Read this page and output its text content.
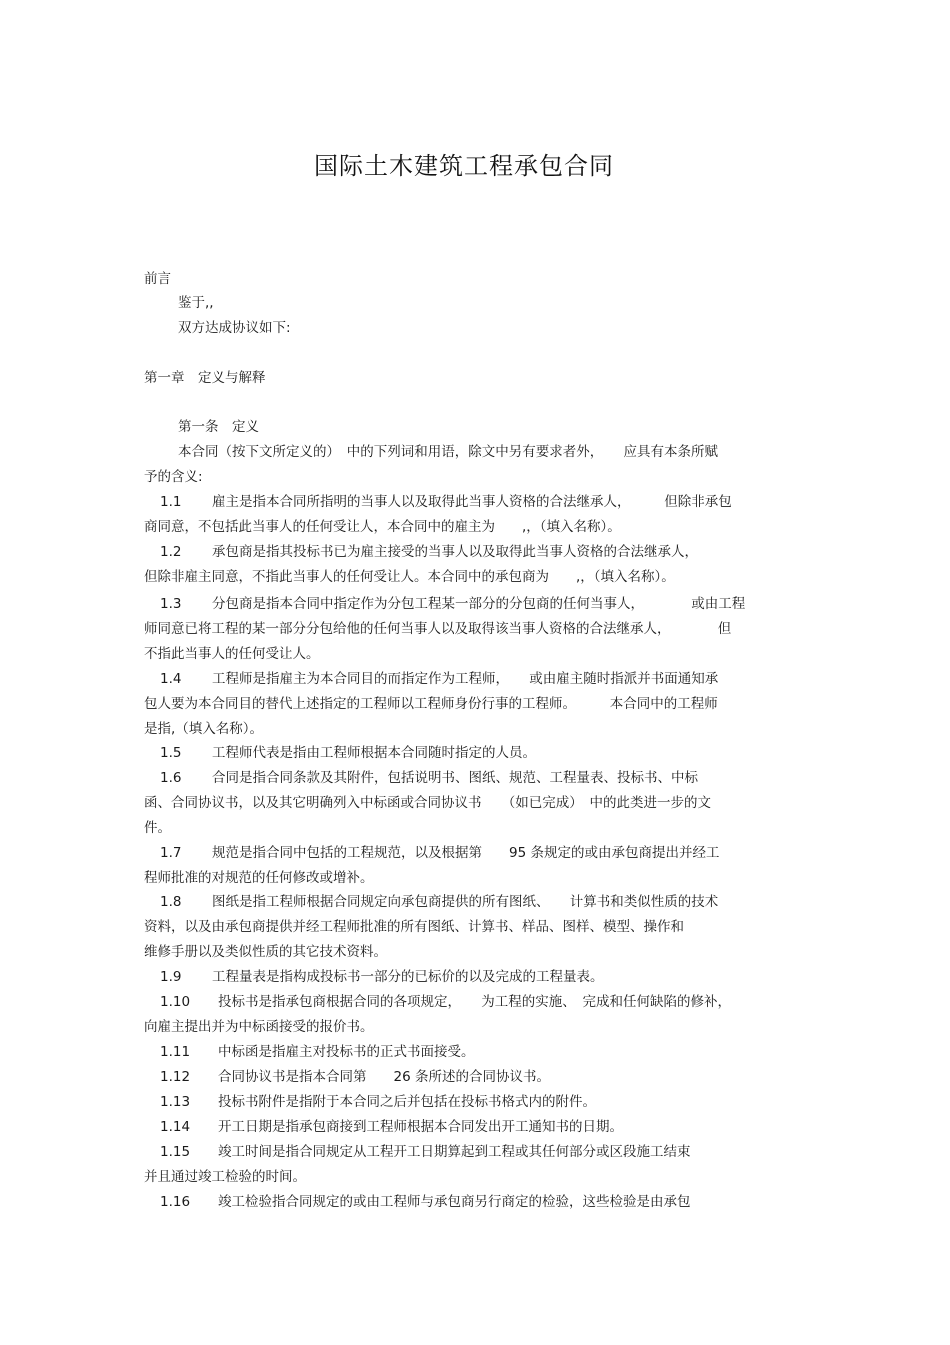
国际土木建筑工程承包合同
前言
鉴于,,
双方达成协议如下:
第一章　定义与解释
第一条　定义
本合同（按下文所定义的）　中的下列词和用语，除文中另有要求者外，　　应具有本条所赋
予的含义:
1.1 雇主是指本合同所指明的当事人以及取得此当事人资格的合法继承人，　　　但除非承包
商同意，不包括此当事人的任何受让人，本合同中的雇主为　　,，（填入名称）。
1.2 承包商是指其投标书已为雇主接受的当事人以及取得此当事人资格的合法继承人，
但除非雇主同意，不指此当事人的任何受让人。本合同中的承包商为　　,，（填入名称）。
1.3 分包商是指本合同中指定作为分包工程某一部分的分包商的任何当事人，　　　　或由工程
师同意已将工程的某一部分分包给他的任何当事人以及取得该当事人资格的合法继承人，　　　　但
不指此当事人的任何受让人。
1.4 工程师是指雇主为本合同目的而指定作为工程师，　　或由雇主随时指派并书面通知承
包人要为本合同目的替代上述指定的工程师以工程师身份行事的工程师。　　　本合同中的工程师
是指,（填入名称）。
1.5 工程师代表是指由工程师根据本合同随时指定的人员。
1.6 合同是指合同条款及其附件，包括说明书、图纸、规范、工程量表、投标书、中标
函、合同协议书，以及其它明确列入中标函或合同协议书　　（如已完成）　中的此类进一步的文
件。
1.7 规范是指合同中包括的工程规范，以及根据第　　95 条规定的或由承包商提出并经工
程师批准的对规范的任何修改或增补。
1.8 图纸是指工程师根据合同规定向承包商提供的所有图纸、　　计算书和类似性质的技术
资料，以及由承包商提供并经工程师批准的所有图纸、计算书、样品、图样、模型、操作和
维修手册以及类似性质的其它技术资料。
1.9 工程量表是指构成投标书一部分的已标价的以及完成的工程量表。
1.10 投标书是指承包商根据合同的各项规定，　　为工程的实施、　完成和任何缺陷的修补，
向雇主提出并为中标函接受的报价书。
1.11 中标函是指雇主对投标书的正式书面接受。
1.12 合同协议书是指本合同第　　26 条所述的合同协议书。
1.13 投标书附件是指附于本合同之后并包括在投标书格式内的附件。
1.14 开工日期是指承包商接到工程师根据本合同发出开工通知书的日期。
1.15 竣工时间是指合同规定从工程开工日期算起到工程或其任何部分或区段施工结束
并且通过竣工检验的时间。
1.16 竣工检验指合同规定的或由工程师与承包商另行商定的检验，这些检验是由承包
